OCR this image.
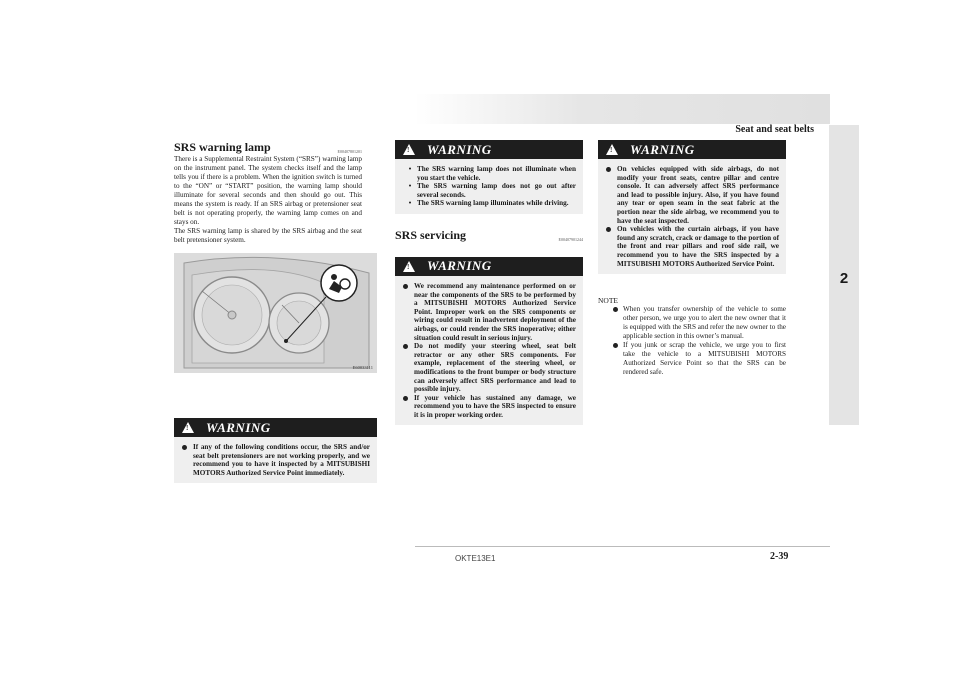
Seat and seat belts
2
SRS warning lamp	E00407801201

There is a Supplemental Restraint System (“SRS”) warning lamp on the instrument panel. The system checks itself and the lamp tells you if there is a problem. When the ignition switch is turned to the “ON” or “START” position, the warning lamp should illuminate for several seconds and then should go out. This means the system is ready. If an SRS airbag or pretensioner seat belt is not operating properly, the warning lamp comes on and stays on.

The SRS warning lamp is shared by the SRS airbag and the seat belt pretensioner system.

E60033111
! WARNING
If any of the following conditions occur, the SRS and/or seat belt pretensioners are not working properly, and we recommend you to have it inspected by a MITSUBISHI MOTORS Authorized Service Point immediately.
! WARNING
• The SRS warning lamp does not illuminate when you start the vehicle.
• The SRS warning lamp does not go out after several seconds.
• The SRS warning lamp illuminates while driving.
SRS servicing	E00407901244
! WARNING
We recommend any maintenance performed on or near the components of the SRS to be performed by a MITSUBISHI MOTORS Authorized Service Point. Improper work on the SRS components or wiring could result in inadvertent deployment of the airbags, or could render the SRS inoperative; either situation could result in serious injury.
Do not modify your steering wheel, seat belt retractor or any other SRS components. For example, replacement of the steering wheel, or modifications to the front bumper or body structure can adversely affect SRS performance and lead to possible injury.
If your vehicle has sustained any damage, we recommend you to have the SRS inspected to ensure it is in proper working order.
! WARNING
On vehicles equipped with side airbags, do not modify your front seats, centre pillar and centre console. It can adversely affect SRS performance and lead to possible injury. Also, if you have found any tear or open seam in the seat fabric at the portion near the side airbag, we recommend you to have the seat inspected.
On vehicles with the curtain airbags, if you have found any scratch, crack or damage to the portion of the front and rear pillars and roof side rail, we recommend you to have the SRS inspected by a MITSUBISHI MOTORS Authorized Service Point.
NOTE

When you transfer ownership of the vehicle to some other person, we urge you to alert the new owner that it is equipped with the SRS and refer the new owner to the applicable section in this owner’s manual.

If you junk or scrap the vehicle, we urge you to first take the vehicle to a MITSUBISHI MOTORS Authorized Service Point so that the SRS can be rendered safe.

OKTE13E1	2-39
